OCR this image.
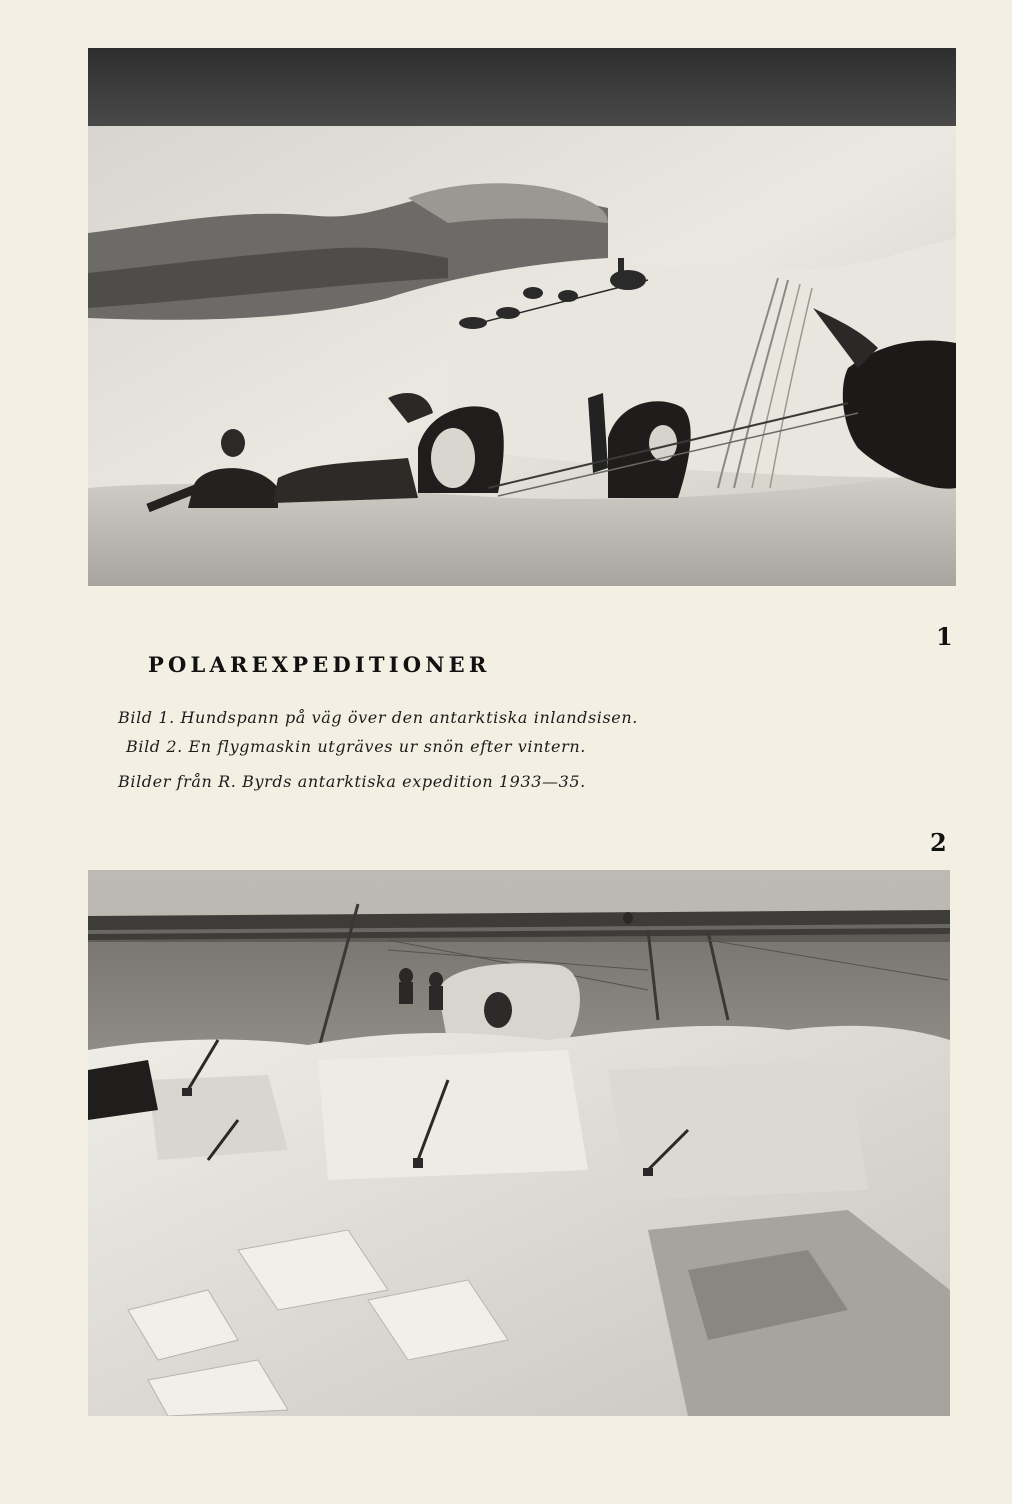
1
POLAREXPEDITIONER
Bild 1. Hundspann på väg över den antarktiska inlandsisen.
Bild 2. En flygmaskin utgräves ur snön efter vintern.
Bilder från R. Byrds antarktiska expedition 1933—35.
2
